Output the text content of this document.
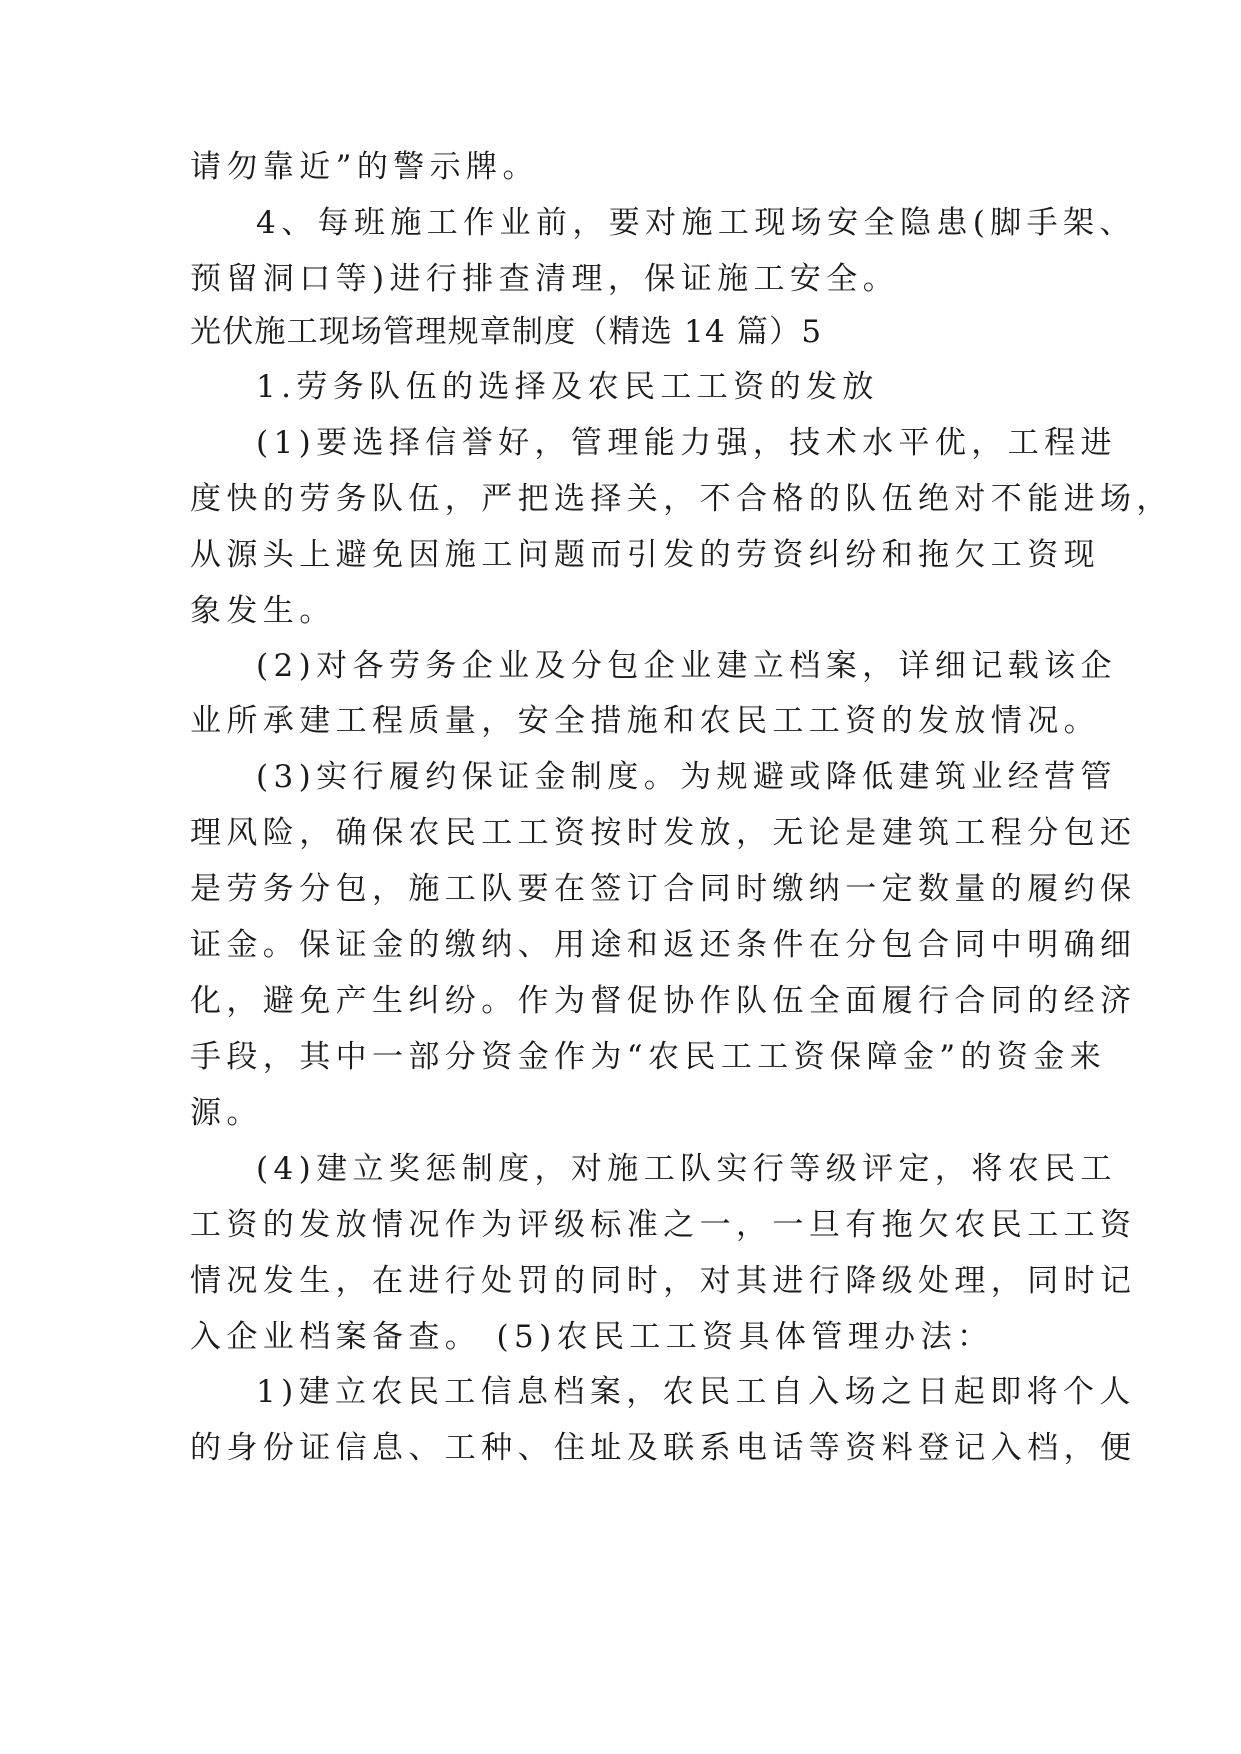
请勿靠近”的警示牌。
4、每班施工作业前，要对施工现场安全隐患(脚手架、
预留洞口等)进行排查清理，保证施工安全。
光伏施工现场管理规章制度（精选 14 篇）5
1.劳务队伍的选择及农民工工资的发放
(1)要选择信誉好，管理能力强，技术水平优，工程进
度快的劳务队伍，严把选择关，不合格的队伍绝对不能进场，
从源头上避免因施工问题而引发的劳资纠纷和拖欠工资现
象发生。
(2)对各劳务企业及分包企业建立档案，详细记载该企
业所承建工程质量，安全措施和农民工工资的发放情况。
(3)实行履约保证金制度。为规避或降低建筑业经营管
理风险，确保农民工工资按时发放，无论是建筑工程分包还
是劳务分包，施工队要在签订合同时缴纳一定数量的履约保
证金。保证金的缴纳、用途和返还条件在分包合同中明确细
化，避免产生纠纷。作为督促协作队伍全面履行合同的经济
手段，其中一部分资金作为“农民工工资保障金”的资金来
源。
(4)建立奖惩制度，对施工队实行等级评定，将农民工
工资的发放情况作为评级标准之一，一旦有拖欠农民工工资
情况发生，在进行处罚的同时，对其进行降级处理，同时记
入企业档案备查。 (5)农民工工资具体管理办法：
1)建立农民工信息档案，农民工自入场之日起即将个人
的身份证信息、工种、住址及联系电话等资料登记入档，便
